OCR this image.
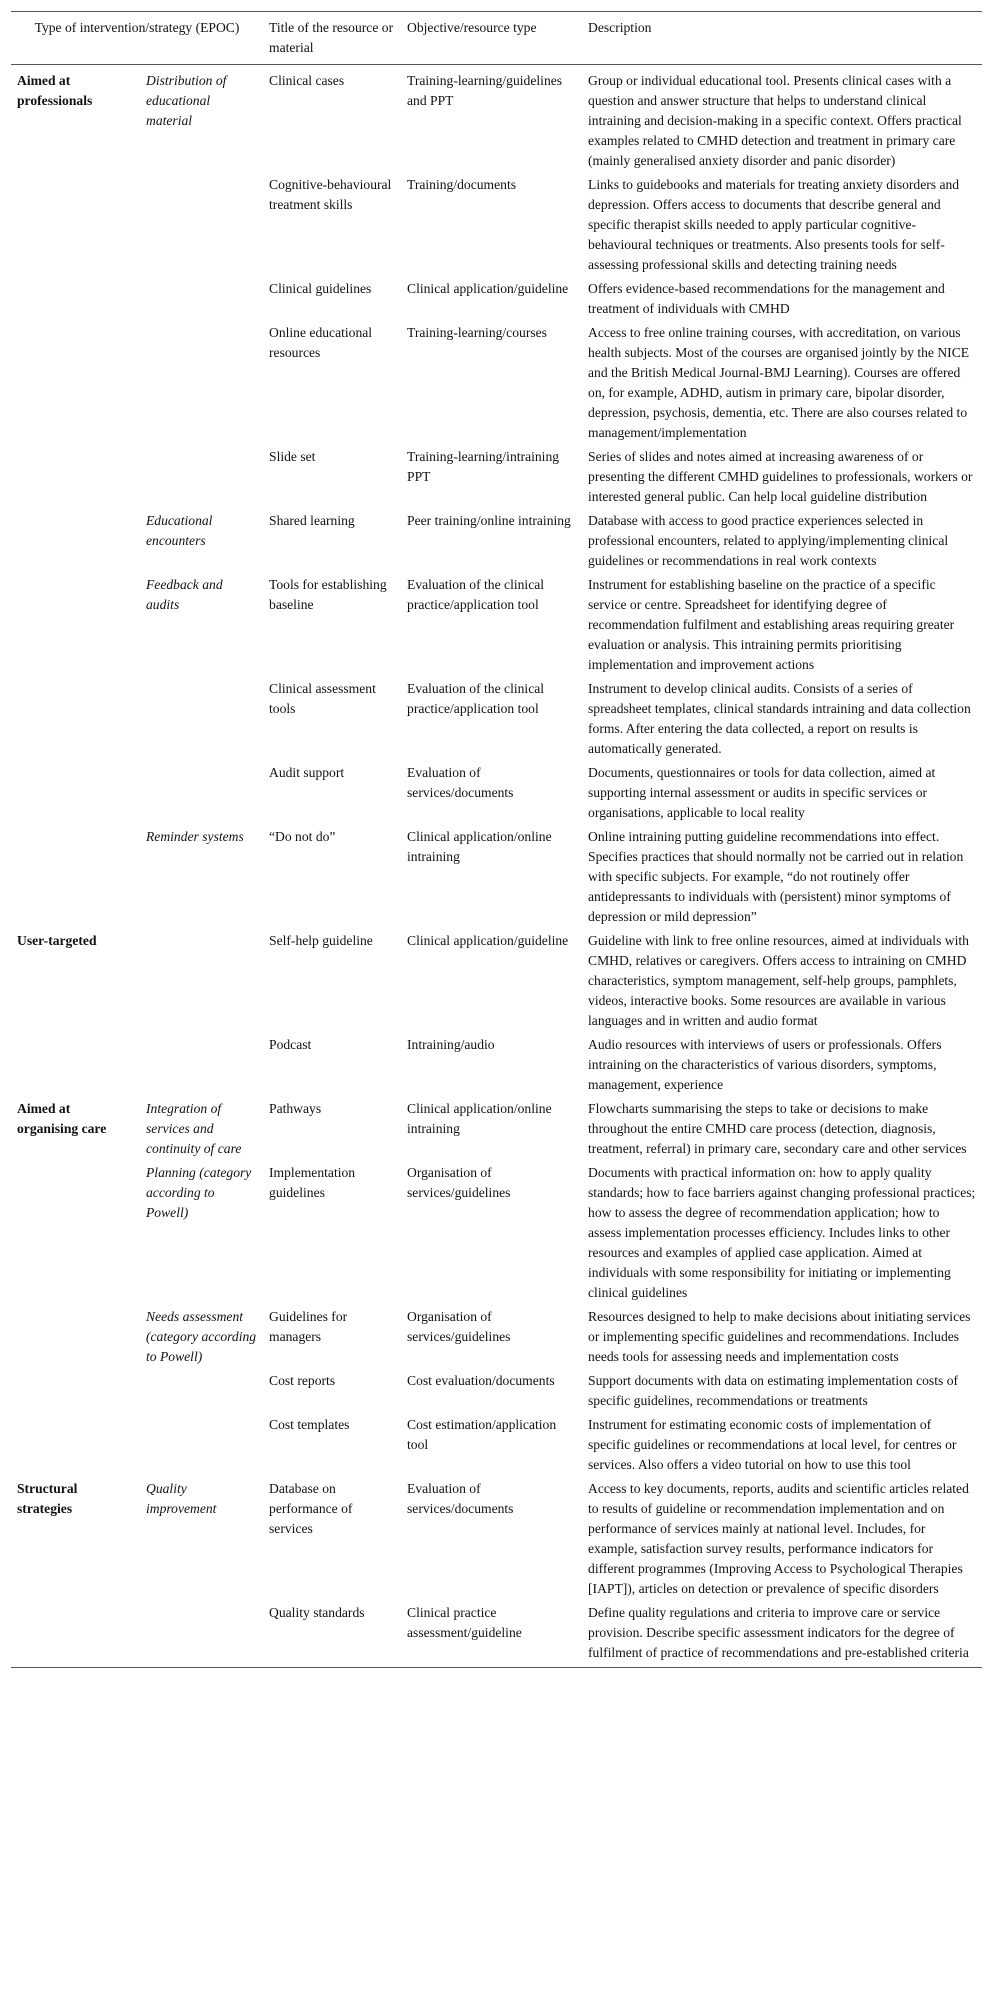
Type of intervention/strategy (EPOC)		Title of the resource or material	Objective/resource type	Description
Aimed at professionals	Distribution of educational material	Clinical cases	Training-learning/guidelines and PPT	Group or individual educational tool. Presents clinical cases with a question and answer structure that helps to understand clinical intraining and decision-making in a specific context. Offers practical examples related to CMHD detection and treatment in primary care (mainly generalised anxiety disorder and panic disorder)
		Cognitive-behavioural treatment skills	Training/documents	Links to guidebooks and materials for treating anxiety disorders and depression. Offers access to documents that describe general and specific therapist skills needed to apply particular cognitive-behavioural techniques or treatments. Also presents tools for self-assessing professional skills and detecting training needs
		Clinical guidelines	Clinical application/guideline	Offers evidence-based recommendations for the management and treatment of individuals with CMHD
		Online educational resources	Training-learning/courses	Access to free online training courses, with accreditation, on various health subjects. Most of the courses are organised jointly by the NICE and the British Medical Journal-BMJ Learning). Courses are offered on, for example, ADHD, autism in primary care, bipolar disorder, depression, psychosis, dementia, etc. There are also courses related to management/implementation
		Slide set	Training-learning/intraining PPT	Series of slides and notes aimed at increasing awareness of or presenting the different CMHD guidelines to professionals, workers or interested general public. Can help local guideline distribution
	Educational encounters	Shared learning	Peer training/online intraining	Database with access to good practice experiences selected in professional encounters, related to applying/implementing clinical guidelines or recommendations in real work contexts
	Feedback and audits	Tools for establishing baseline	Evaluation of the clinical practice/application tool	Instrument for establishing baseline on the practice of a specific service or centre. Spreadsheet for identifying degree of recommendation fulfilment and establishing areas requiring greater evaluation or analysis. This intraining permits prioritising implementation and improvement actions
		Clinical assessment tools	Evaluation of the clinical practice/application tool	Instrument to develop clinical audits. Consists of a series of spreadsheet templates, clinical standards intraining and data collection forms. After entering the data collected, a report on results is automatically generated.
		Audit support	Evaluation of services/documents	Documents, questionnaires or tools for data collection, aimed at supporting internal assessment or audits in specific services or organisations, applicable to local reality
	Reminder systems	“Do not do”	Clinical application/online intraining	Online intraining putting guideline recommendations into effect. Specifies practices that should normally not be carried out in relation with specific subjects. For example, “do not routinely offer antidepressants to individuals with (persistent) minor symptoms of depression or mild depression”
User-targeted		Self-help guideline	Clinical application/guideline	Guideline with link to free online resources, aimed at individuals with CMHD, relatives or caregivers. Offers access to intraining on CMHD characteristics, symptom management, self-help groups, pamphlets, videos, interactive books. Some resources are available in various languages and in written and audio format
		Podcast	Intraining/audio	Audio resources with interviews of users or professionals. Offers intraining on the characteristics of various disorders, symptoms, management, experience
Aimed at organising care	Integration of services and continuity of care	Pathways	Clinical application/online intraining	Flowcharts summarising the steps to take or decisions to make throughout the entire CMHD care process (detection, diagnosis, treatment, referral) in primary care, secondary care and other services
	Planning (category according to Powell)	Implementation guidelines	Organisation of services/guidelines	Documents with practical information on: how to apply quality standards; how to face barriers against changing professional practices; how to assess the degree of recommendation application; how to assess implementation processes efficiency. Includes links to other resources and examples of applied case application. Aimed at individuals with some responsibility for initiating or implementing clinical guidelines
	Needs assessment (category according to Powell)	Guidelines for managers	Organisation of services/guidelines	Resources designed to help to make decisions about initiating services or implementing specific guidelines and recommendations. Includes needs tools for assessing needs and implementation costs
		Cost reports	Cost evaluation/documents	Support documents with data on estimating implementation costs of specific guidelines, recommendations or treatments
		Cost templates	Cost estimation/application tool	Instrument for estimating economic costs of implementation of specific guidelines or recommendations at local level, for centres or services. Also offers a video tutorial on how to use this tool
Structural strategies	Quality improvement	Database on performance of services	Evaluation of services/documents	Access to key documents, reports, audits and scientific articles related to results of guideline or recommendation implementation and on performance of services mainly at national level. Includes, for example, satisfaction survey results, performance indicators for different programmes (Improving Access to Psychological Therapies [IAPT]), articles on detection or prevalence of specific disorders
		Quality standards	Clinical practice assessment/guideline	Define quality regulations and criteria to improve care or service provision. Describe specific assessment indicators for the degree of fulfilment of practice of recommendations and pre-established criteria
